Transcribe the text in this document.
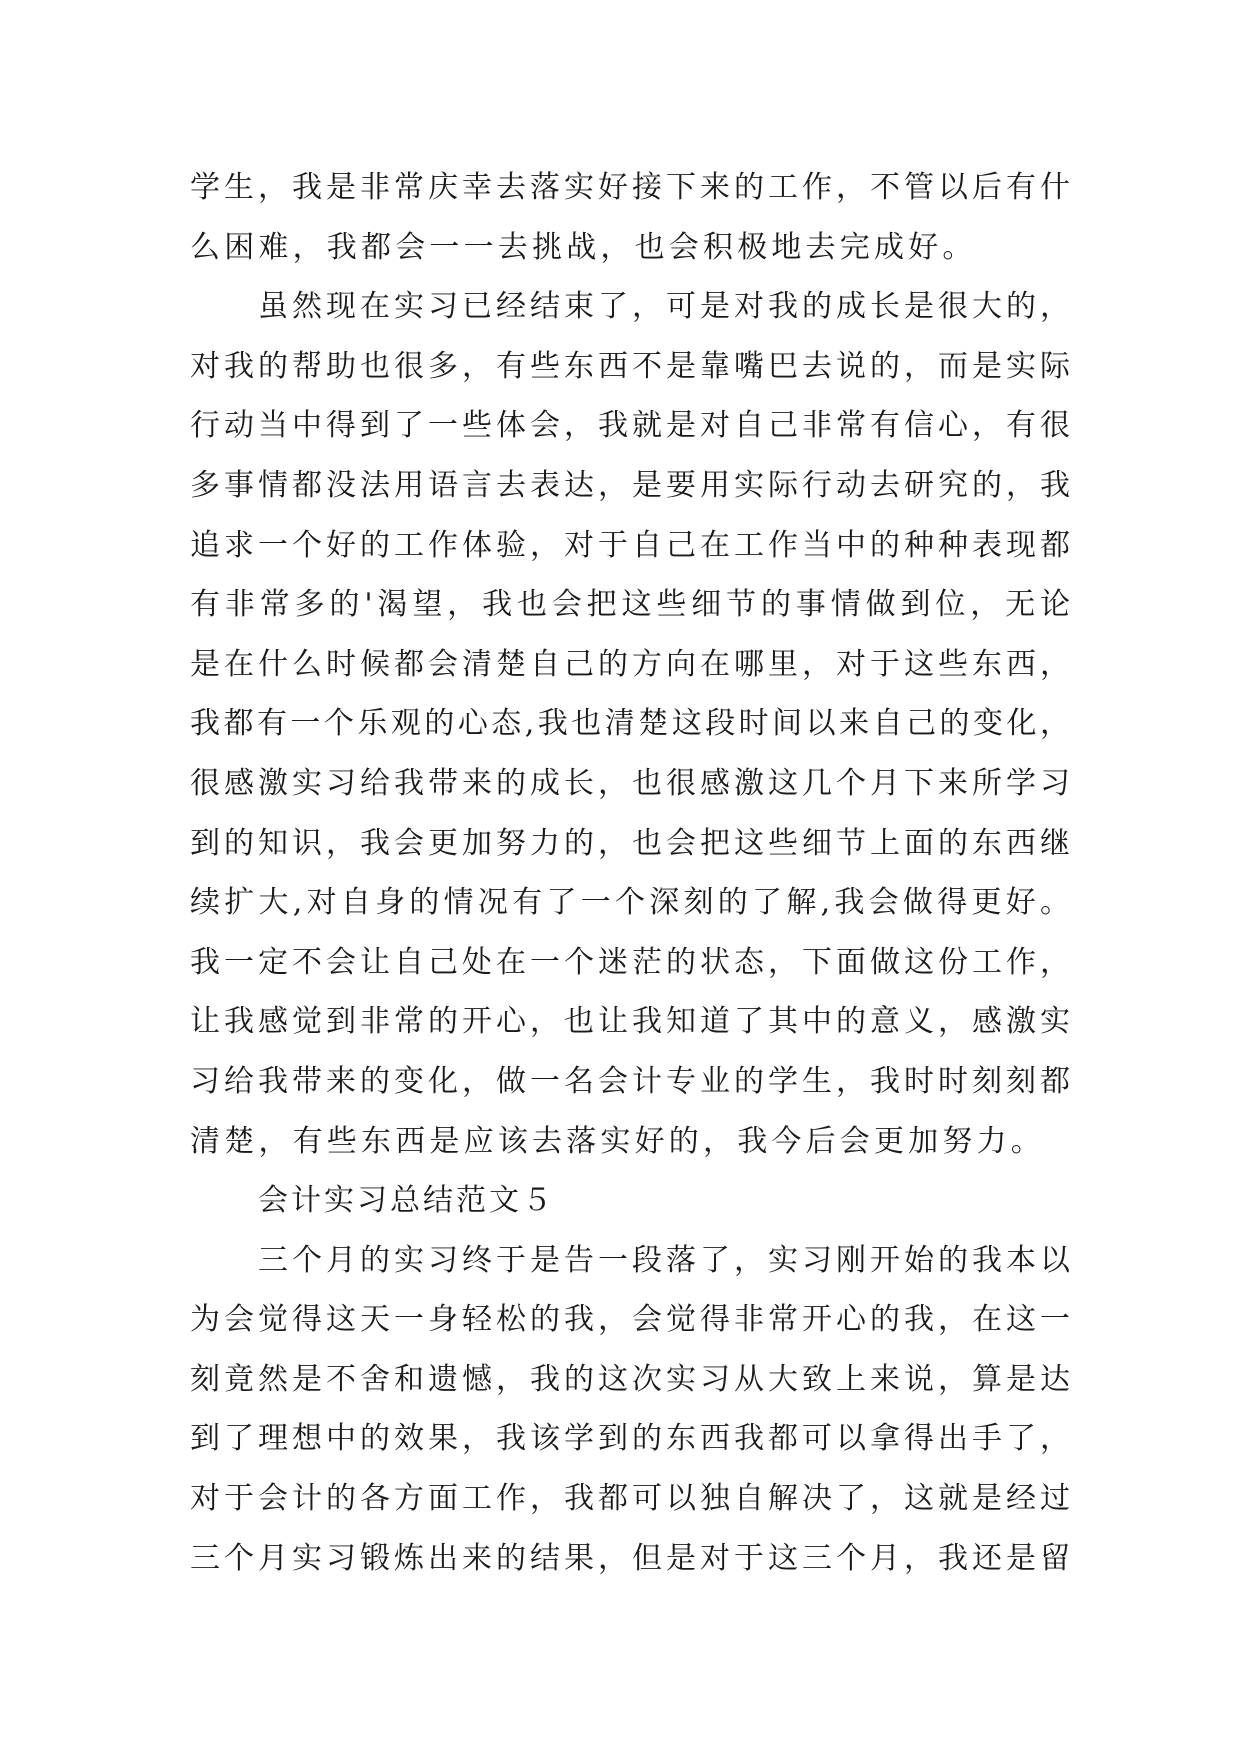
学生，我是非常庆幸去落实好接下来的工作，不管以后有什
么困难，我都会一一去挑战，也会积极地去完成好。
虽然现在实习已经结束了，可是对我的成长是很大的，
对我的帮助也很多，有些东西不是靠嘴巴去说的，而是实际
行动当中得到了一些体会，我就是对自己非常有信心，有很
多事情都没法用语言去表达，是要用实际行动去研究的，我
追求一个好的工作体验，对于自己在工作当中的种种表现都
有非常多的'渴望，我也会把这些细节的事情做到位，无论
是在什么时候都会清楚自己的方向在哪里，对于这些东西，
我都有一个乐观的心态,我也清楚这段时间以来自己的变化，
很感激实习给我带来的成长，也很感激这几个月下来所学习
到的知识，我会更加努力的，也会把这些细节上面的东西继
续扩大,对自身的情况有了一个深刻的了解,我会做得更好。
我一定不会让自己处在一个迷茫的状态，下面做这份工作，
让我感觉到非常的开心，也让我知道了其中的意义，感激实
习给我带来的变化，做一名会计专业的学生，我时时刻刻都
清楚，有些东西是应该去落实好的，我今后会更加努力。
会计实习总结范文５
三个月的实习终于是告一段落了，实习刚开始的我本以
为会觉得这天一身轻松的我，会觉得非常开心的我，在这一
刻竟然是不舍和遗憾，我的这次实习从大致上来说，算是达
到了理想中的效果，我该学到的东西我都可以拿得出手了，
对于会计的各方面工作，我都可以独自解决了，这就是经过
三个月实习锻炼出来的结果，但是对于这三个月，我还是留
